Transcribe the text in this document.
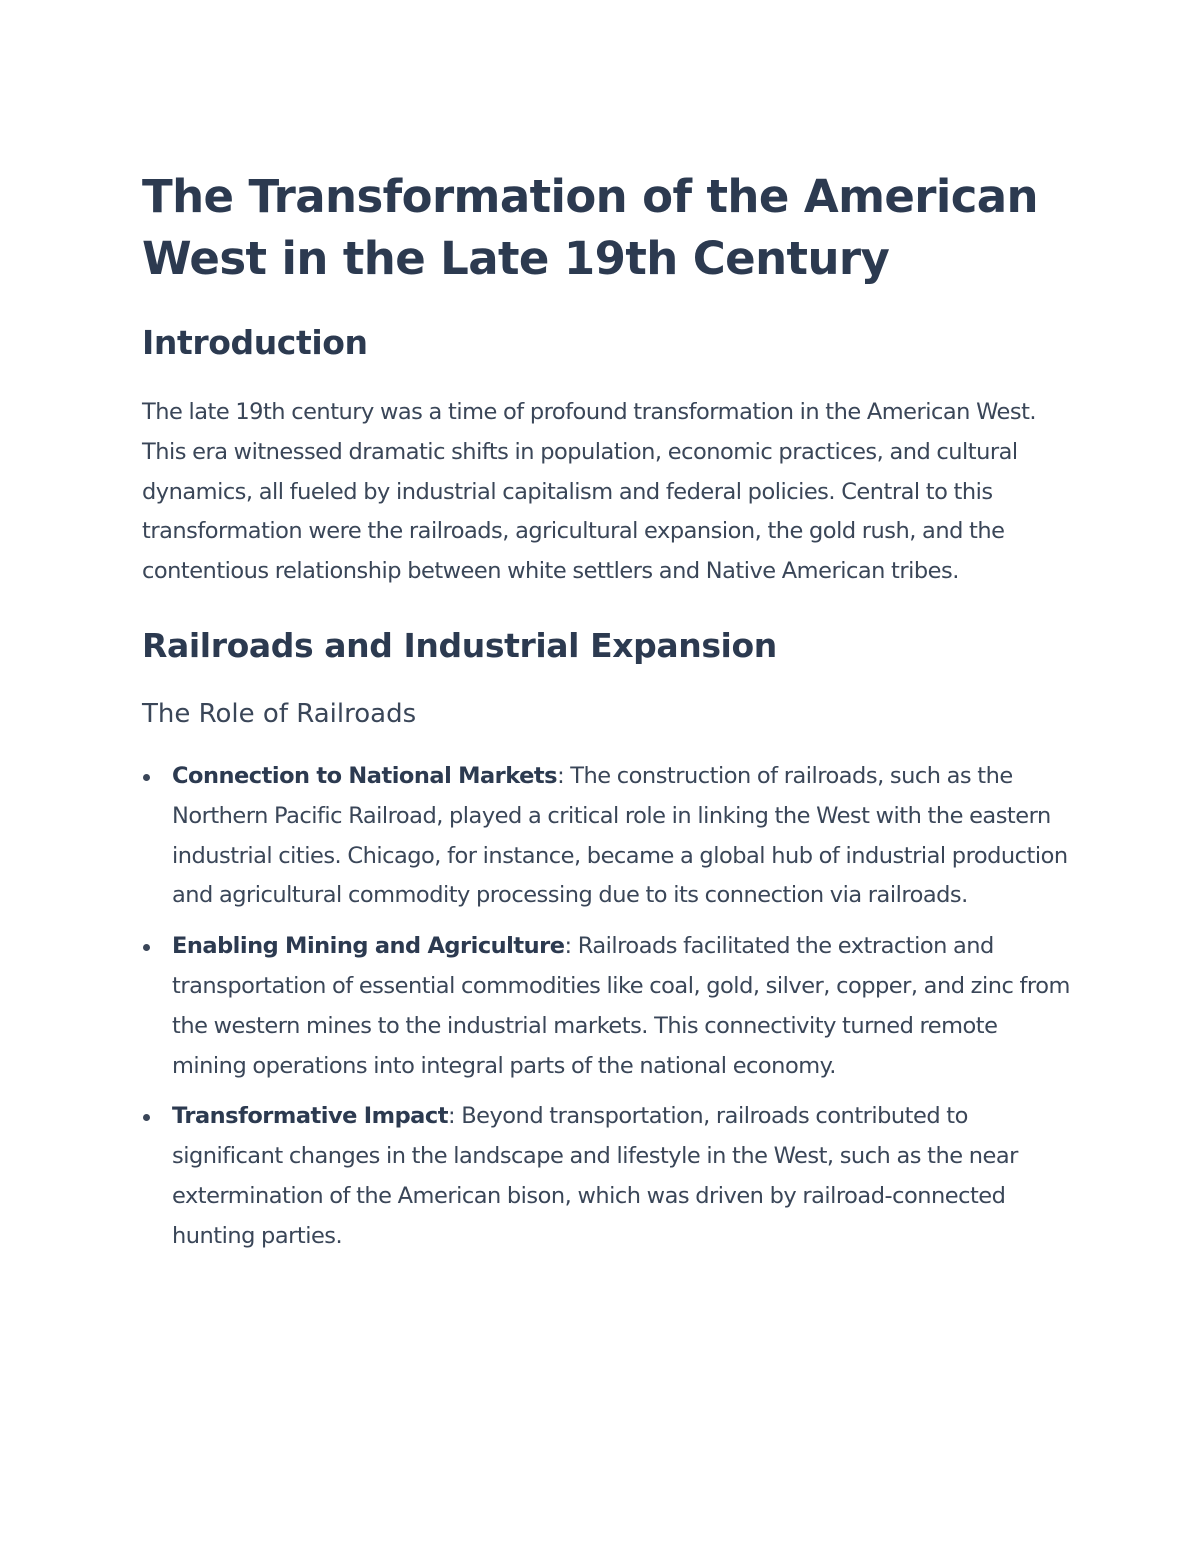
The Transformation of the American West in the Late 19th Century
Introduction

The late 19th century was a time of profound transformation in the American West. This era witnessed dramatic shifts in population, economic practices, and cultural dynamics, all fueled by industrial capitalism and federal policies. Central to this transformation were the railroads, agricultural expansion, the gold rush, and the contentious relationship between white settlers and Native American tribes.

Railroads and Industrial Expansion
The Role of Railroads
Connection to National Markets: The construction of railroads, such as the Northern Pacific Railroad, played a critical role in linking the West with the eastern industrial cities. Chicago, for instance, became a global hub of industrial production and agricultural commodity processing due to its connection via railroads.
Enabling Mining and Agriculture: Railroads facilitated the extraction and transportation of essential commodities like coal, gold, silver, copper, and zinc from the western mines to the industrial markets. This connectivity turned remote mining operations into integral parts of the national economy.
Transformative Impact: Beyond transportation, railroads contributed to significant changes in the landscape and lifestyle in the West, such as the near extermination of the American bison, which was driven by railroad-connected hunting parties.
